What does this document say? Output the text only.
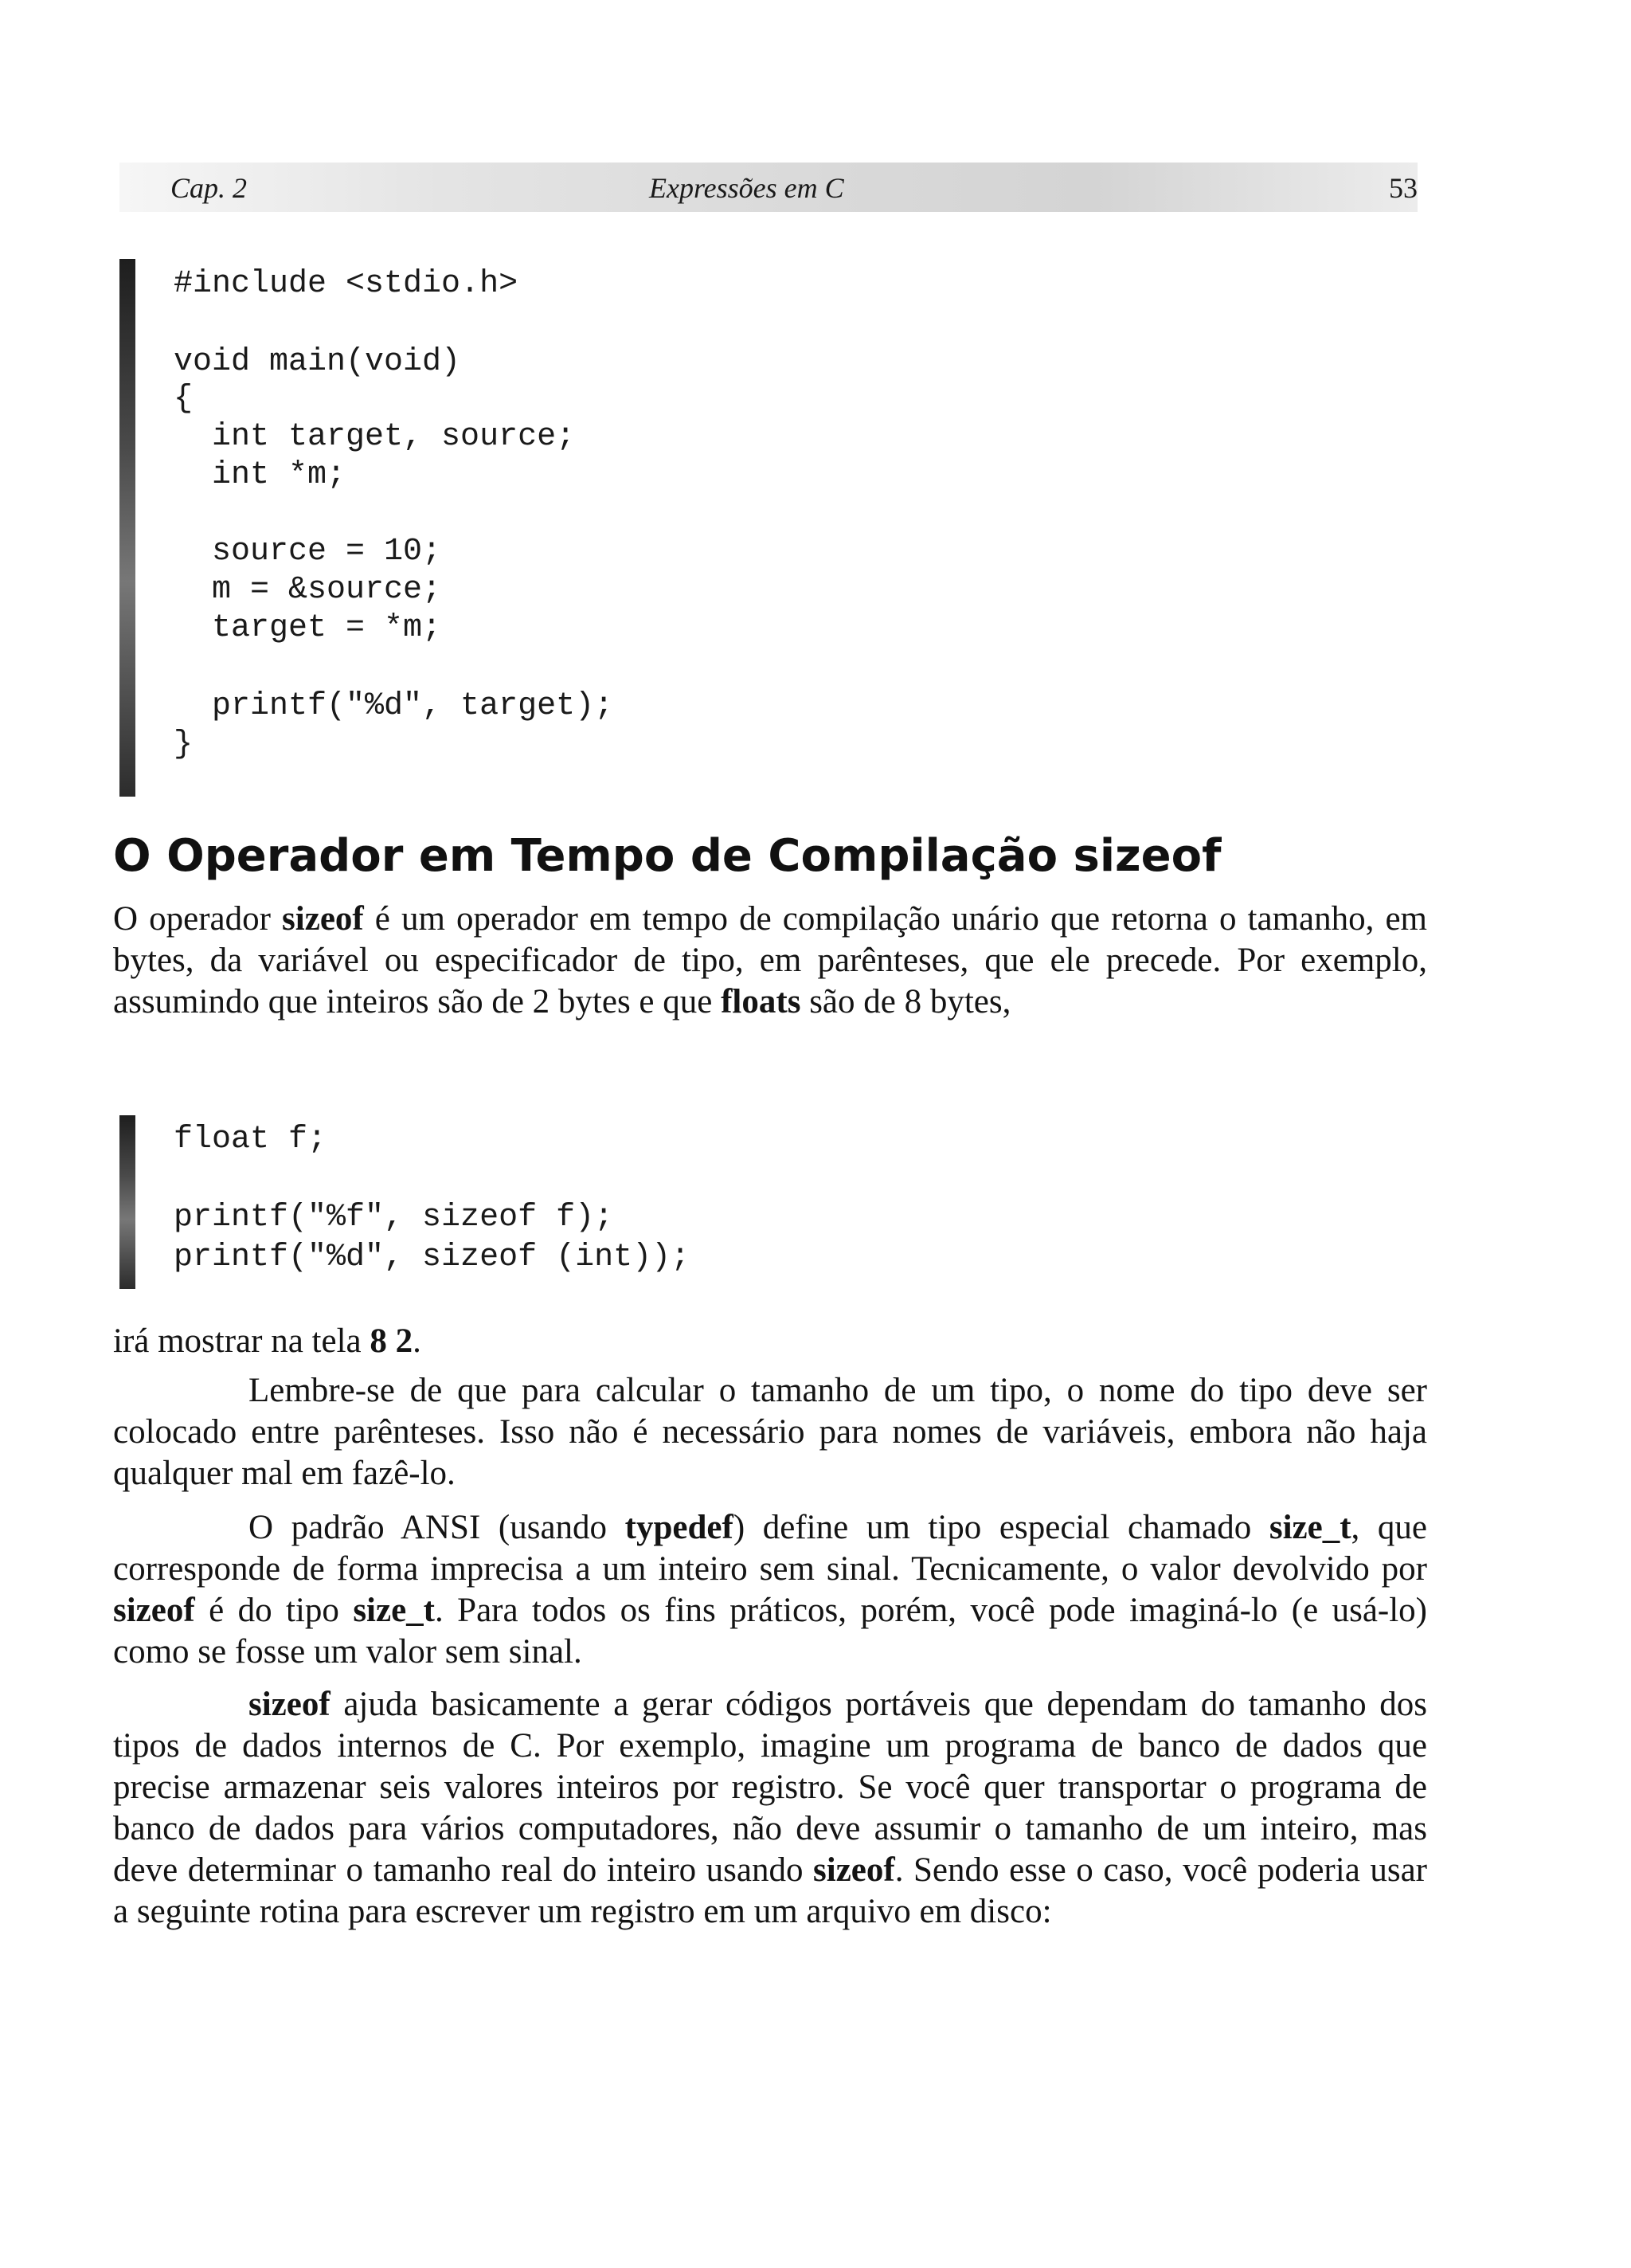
Cap. 2	Expressões em C	53

#include <stdio.h>

void main(void)

{

int target, source;

int *m;

source = 10;

m = &source;

target = *m;

printf("%d", target);

}

O Operador em Tempo de Compilação sizeof

O operador sizeof é um operador em tempo de compilação unário que retorna o tamanho, em bytes, da variável ou especificador de tipo, em parênteses, que ele precede. Por exemplo, assumindo que inteiros são de 2 bytes e que floats são de 8 bytes,

float f;

printf("%f", sizeof f);

printf("%d", sizeof (int));

irá mostrar na tela 8 2.

Lembre-se de que para calcular o tamanho de um tipo, o nome do tipo deve ser colocado entre parênteses. Isso não é necessário para nomes de variáveis, embora não haja qualquer mal em fazê-lo.

O padrão ANSI (usando typedef) define um tipo especial chamado size_t, que corresponde de forma imprecisa a um inteiro sem sinal. Tecnicamente, o valor devolvido por sizeof é do tipo size_t. Para todos os fins práticos, porém, você pode imaginá-lo (e usá-lo) como se fosse um valor sem sinal.

sizeof ajuda basicamente a gerar códigos portáveis que dependam do tamanho dos tipos de dados internos de C. Por exemplo, imagine um programa de banco de dados que precise armazenar seis valores inteiros por registro. Se você quer transportar o programa de banco de dados para vários computadores, não deve assumir o tamanho de um inteiro, mas deve determinar o tamanho real do inteiro usando sizeof. Sendo esse o caso, você poderia usar a seguinte rotina para escrever um registro em um arquivo em disco:
